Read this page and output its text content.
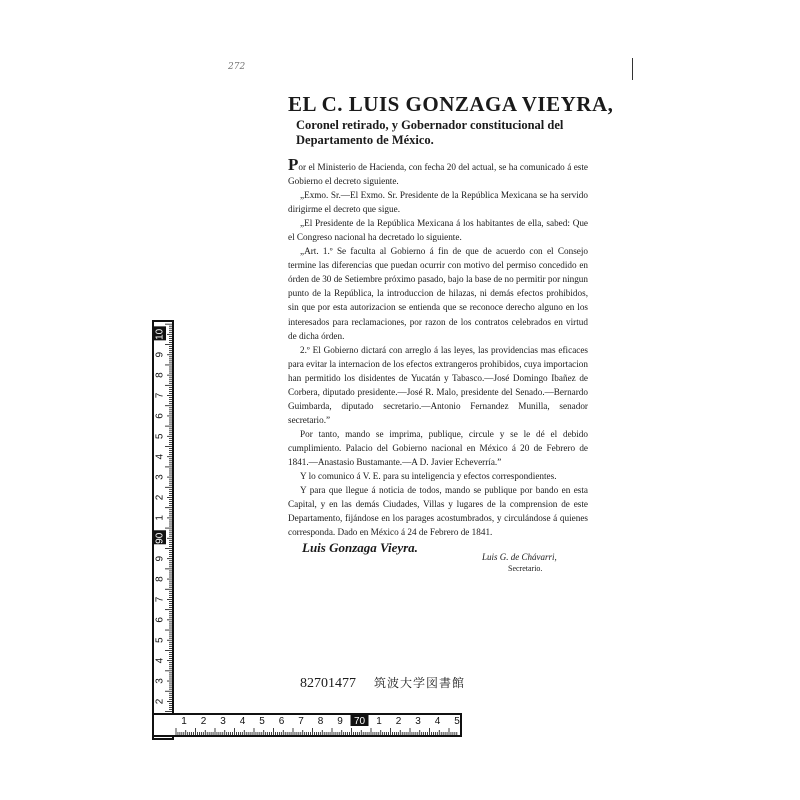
272
EL C. LUIS GONZAGA VIEYRA,
Coronel retirado, y Gobernador constitucional del Departamento de México.

Por el Ministerio de Hacienda, con fecha 20 del actual, se ha comunicado á este Gobierno el decreto siguiente.

„Exmo. Sr.—El Exmo. Sr. Presidente de la República Mexicana se ha servido dirigirme el decreto que sigue.

„El Presidente de la República Mexicana á los habitantes de ella, sabed: Que el Congreso nacional ha decretado lo siguiente.

„Art. 1.º Se faculta al Gobierno á fin de que de acuerdo con el Consejo termine las diferencias que puedan ocurrir con motivo del permiso concedido en órden de 30 de Setiembre próximo pasado, bajo la base de no permitir por ningun punto de la República, la introduccion de hilazas, ni demás efectos prohibidos, sin que por esta autorizacion se entienda que se reconoce derecho alguno en los interesados para reclamaciones, por razon de los contratos celebrados en virtud de dicha órden.

2.º El Gobierno dictará con arreglo á las leyes, las providencias mas eficaces para evitar la internacion de los efectos extrangeros prohibidos, cuya importacion han permitido los disidentes de Yucatán y Tabasco.—José Domingo Ibañez de Corbera, diputado presidente.—José R. Malo, presidente del Senado.—Bernardo Guimbarda, diputado secretario.—Antonio Fernandez Munilla, senador secretario.”

Por tanto, mando se imprima, publique, circule y se le dé el debido cumplimiento. Palacio del Gobierno nacional en México á 20 de Febrero de 1841.—Anastasio Bustamante.—A D. Javier Echeverría.”

Y lo comunico á V. E. para su inteligencia y efectos correspondientes.

Y para que llegue á noticia de todos, mando se publique por bando en esta Capital, y en las demás Ciudades, Villas y lugares de la comprension de este Departamento, fijándose en los parages acostumbrados, y circulándose á quienes corresponda. Dado en México á 24 de Febrero de 1841.

Luis Gonzaga Vieyra.
Luis G. de Chávarri,
Secretario.
82701477 筑波大学図書館
2
3
4
5
6
7
8
9
90
1
2
3
4
5
6
7
8
9
10
1 2 3 4 5 6 7 8 9 70 1 2 3 4 5
